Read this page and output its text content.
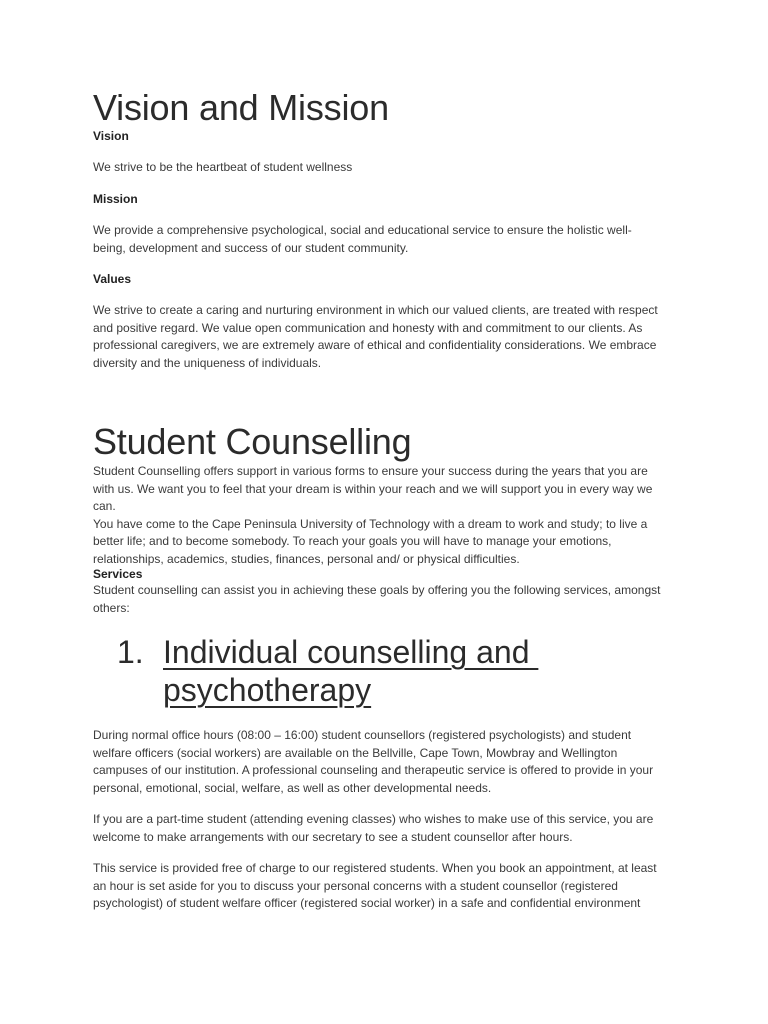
Vision and Mission
Vision
We strive to be the heartbeat of student wellness
Mission
We provide a comprehensive psychological, social and educational service to ensure the holistic well-
being, development and success of our student community.
Values
We strive to create a caring and nurturing environment in which our valued clients, are treated with respect
and positive regard. We value open communication and honesty with and commitment to our clients. As
professional caregivers, we are extremely aware of ethical and confidentiality considerations. We embrace
diversity and the uniqueness of individuals.
Student Counselling
Student Counselling offers support in various forms to ensure your success during the years that you are
with us. We want you to feel that your dream is within your reach and we will support you in every way we
can.
You have come to the Cape Peninsula University of Technology with a dream to work and study; to live a
better life; and to become somebody. To reach your goals you will have to manage your emotions,
relationships, academics, studies, finances, personal and/ or physical difficulties.
Services
Student counselling can assist you in achieving these goals by offering you the following services, amongst
others:
1. Individual counselling and
psychotherapy
During normal office hours (08:00 – 16:00) student counsellors (registered psychologists) and student
welfare officers (social workers) are available on the Bellville, Cape Town, Mowbray and Wellington
campuses of our institution. A professional counseling and therapeutic service is offered to provide in your
personal, emotional, social, welfare, as well as other developmental needs.
If you are a part-time student (attending evening classes) who wishes to make use of this service, you are
welcome to make arrangements with our secretary to see a student counsellor after hours.
This service is provided free of charge to our registered students. When you book an appointment, at least
an hour is set aside for you to discuss your personal concerns with a student counsellor (registered
psychologist) of student welfare officer (registered social worker) in a safe and confidential environment
